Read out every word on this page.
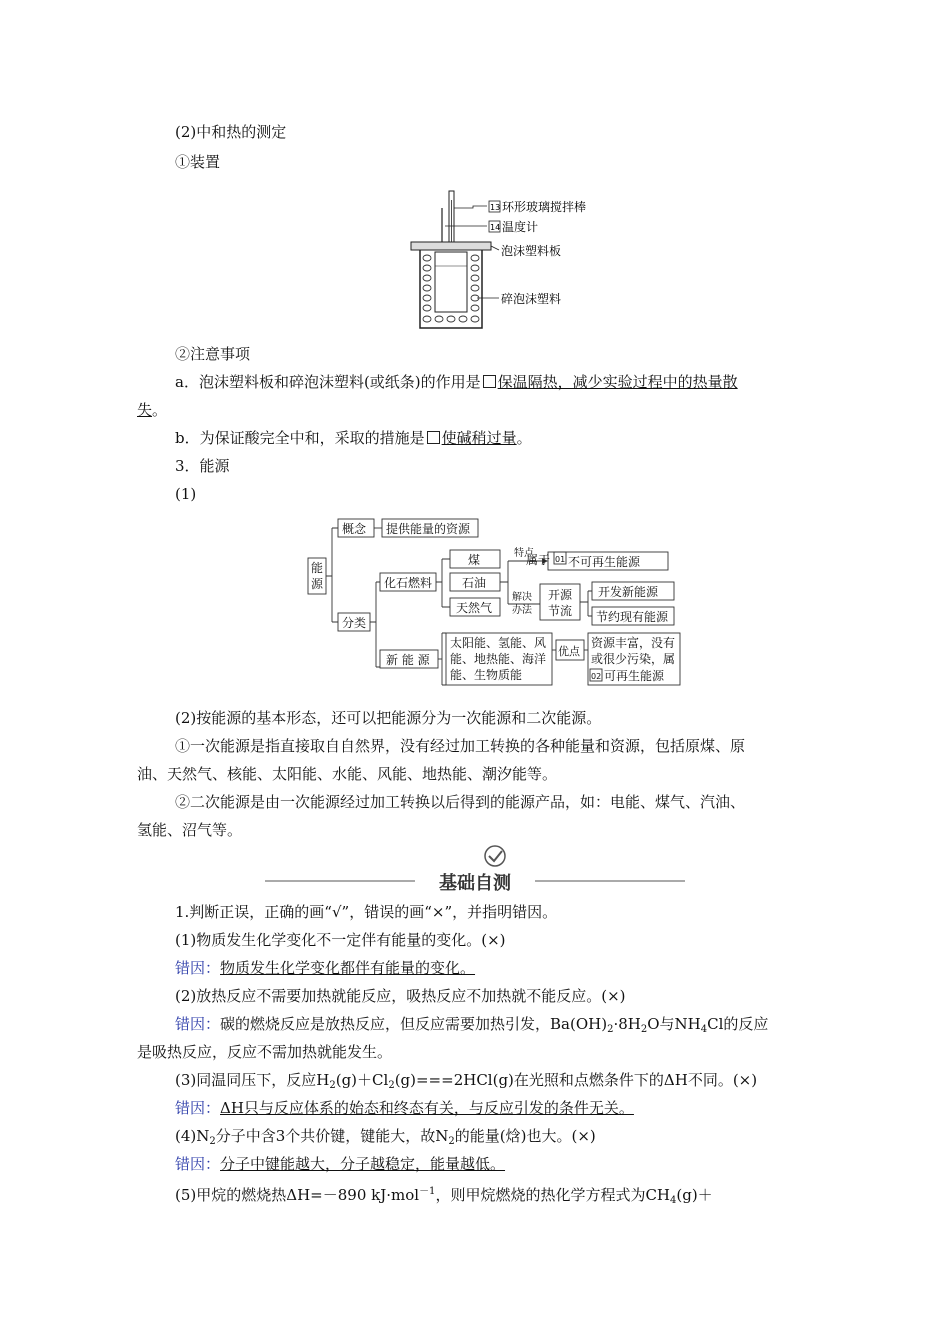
(2)中和热的测定
①装置
13 环形玻璃搅拌棒
14 温度计
泡沫塑料板
碎泡沫塑料
②注意事项
a．泡沫塑料板和碎泡沫塑料(或纸条)的作用是 保温隔热，减少实验过程中的热量散
失。
b．为保证酸完全中和，采取的措施是 使碱稍过量。
3．能源
(1)
能
源
概念 提供能量的资源
分类
化石燃料
煤
石油
天然气
特点
属于 01 不可再生能源
解决
办法
开源
节流
开发新能源
节约现有能源
新 能 源
太阳能、氢能、风
能、地热能、海洋
能、生物质能
优点
资源丰富，没有
或很少污染，属
02 可再生能源
(2)按能源的基本形态，还可以把能源分为一次能源和二次能源。
①一次能源是指直接取自自然界，没有经过加工转换的各种能量和资源，包括原煤、原
油、天然气、核能、太阳能、水能、风能、地热能、潮汐能等。
②二次能源是由一次能源经过加工转换以后得到的能源产品，如：电能、煤气、汽油、
氢能、沼气等。
基础自测
1.判断正误，正确的画“√”，错误的画“×”，并指明错因。
(1)物质发生化学变化不一定伴有能量的变化。(×)
错因：物质发生化学变化都伴有能量的变化。
(2)放热反应不需要加热就能反应，吸热反应不加热就不能反应。(×)
错因：碳的燃烧反应是放热反应，但反应需要加热引发，$Ba(OH)_2\cdot 8H_2O$与$NH_4Cl$的反应
是吸热反应，反应不需加热就能发生。
(3)同温同压下，反应$H_2(g)+Cl_2(g)===2HCl(g)$在光照和点燃条件下的ΔH不同。(×)
错因：ΔH只与反应体系的始态和终态有关，与反应引发的条件无关。
$(4)N_2$分子中含3个共价键，键能大，故$N_2$的能量(焓)也大。(×)
错因：分子中键能越大，分子越稳定，能量越低。
(5)甲烷的燃烧热ΔH=－890 kJ·mol$^{-1}$，则甲烷燃烧的热化学方程式为$CH_4(g)+$
